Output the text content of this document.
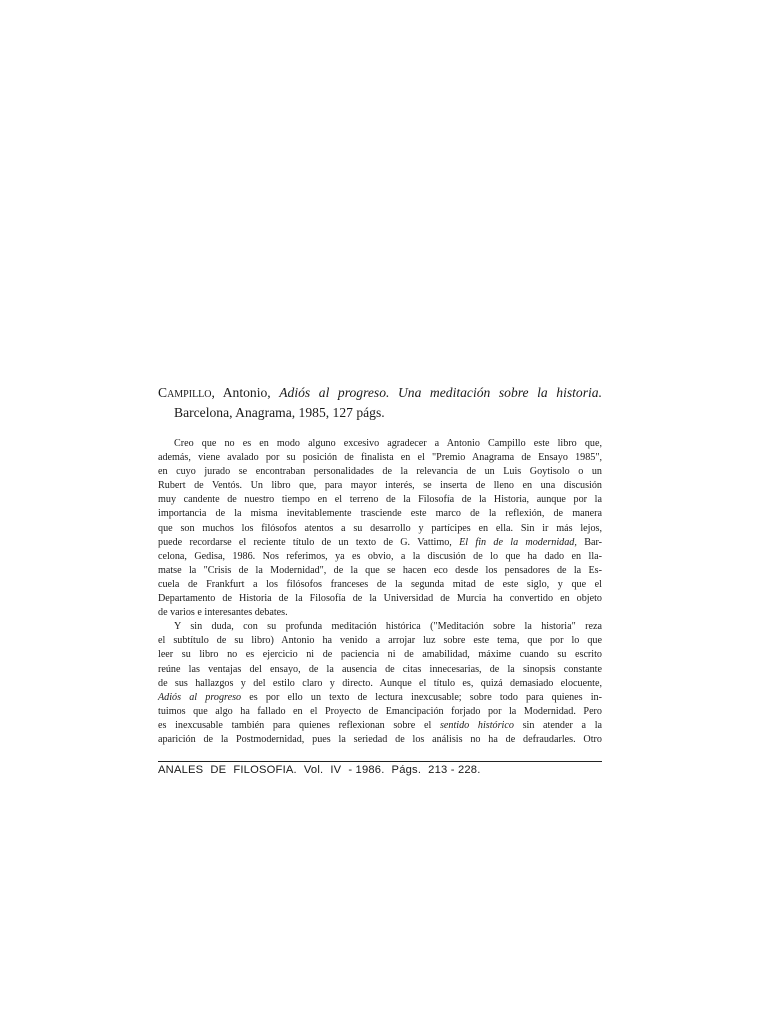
Campillo, Antonio, Adiós al progreso. Una meditación sobre la historia. Barcelona, Anagrama, 1985, 127 págs.

Creo que no es en modo alguno excesivo agradecer a Antonio Campillo este libro que,
además, viene avalado por su posición de finalista en el "Premio Anagrama de Ensayo 1985",
en cuyo jurado se encontraban personalidades de la relevancia de un Luis Goytisolo o un
Rubert de Ventós. Un libro que, para mayor interés, se inserta de lleno en una discusión
muy candente de nuestro tiempo en el terreno de la Filosofía de la Historia, aunque por la
importancia de la misma inevitablemente trasciende este marco de la reflexión, de manera
que son muchos los filósofos atentos a su desarrollo y partícipes en ella. Sin ir más lejos,
puede recordarse el reciente título de un texto de G. Vattimo, El fin de la modernidad, Bar-
celona, Gedisa, 1986. Nos referimos, ya es obvio, a la discusión de lo que ha dado en lla-
matse la "Crisis de la Modernidad", de la que se hacen eco desde los pensadores de la Es-
cuela de Frankfurt a los filósofos franceses de la segunda mitad de este siglo, y que el
Departamento de Historia de la Filosofía de la Universidad de Murcia ha convertido en objeto
de varios e interesantes debates.
Y sin duda, con su profunda meditación histórica ("Meditación sobre la historia" reza
el subtítulo de su libro) Antonio ha venido a arrojar luz sobre este tema, que por lo que
leer su libro no es ejercicio ni de paciencia ni de amabilidad, máxime cuando su escrito
reúne las ventajas del ensayo, de la ausencia de citas innecesarias, de la sinopsis constante
de sus hallazgos y del estilo claro y directo. Aunque el título es, quizá demasiado elocuente,
Adiós al progreso es por ello un texto de lectura inexcusable; sobre todo para quienes in-
tuimos que algo ha fallado en el Proyecto de Emancipación forjado por la Modernidad. Pero
es inexcusable también para quienes reflexionan sobre el sentido histórico sin atender a la
aparición de la Postmodernidad, pues la seriedad de los análisis no ha de defraudarles. Otro
ANALES DE FILOSOFIA. Vol. IV - 1986. Págs. 213 - 228.
